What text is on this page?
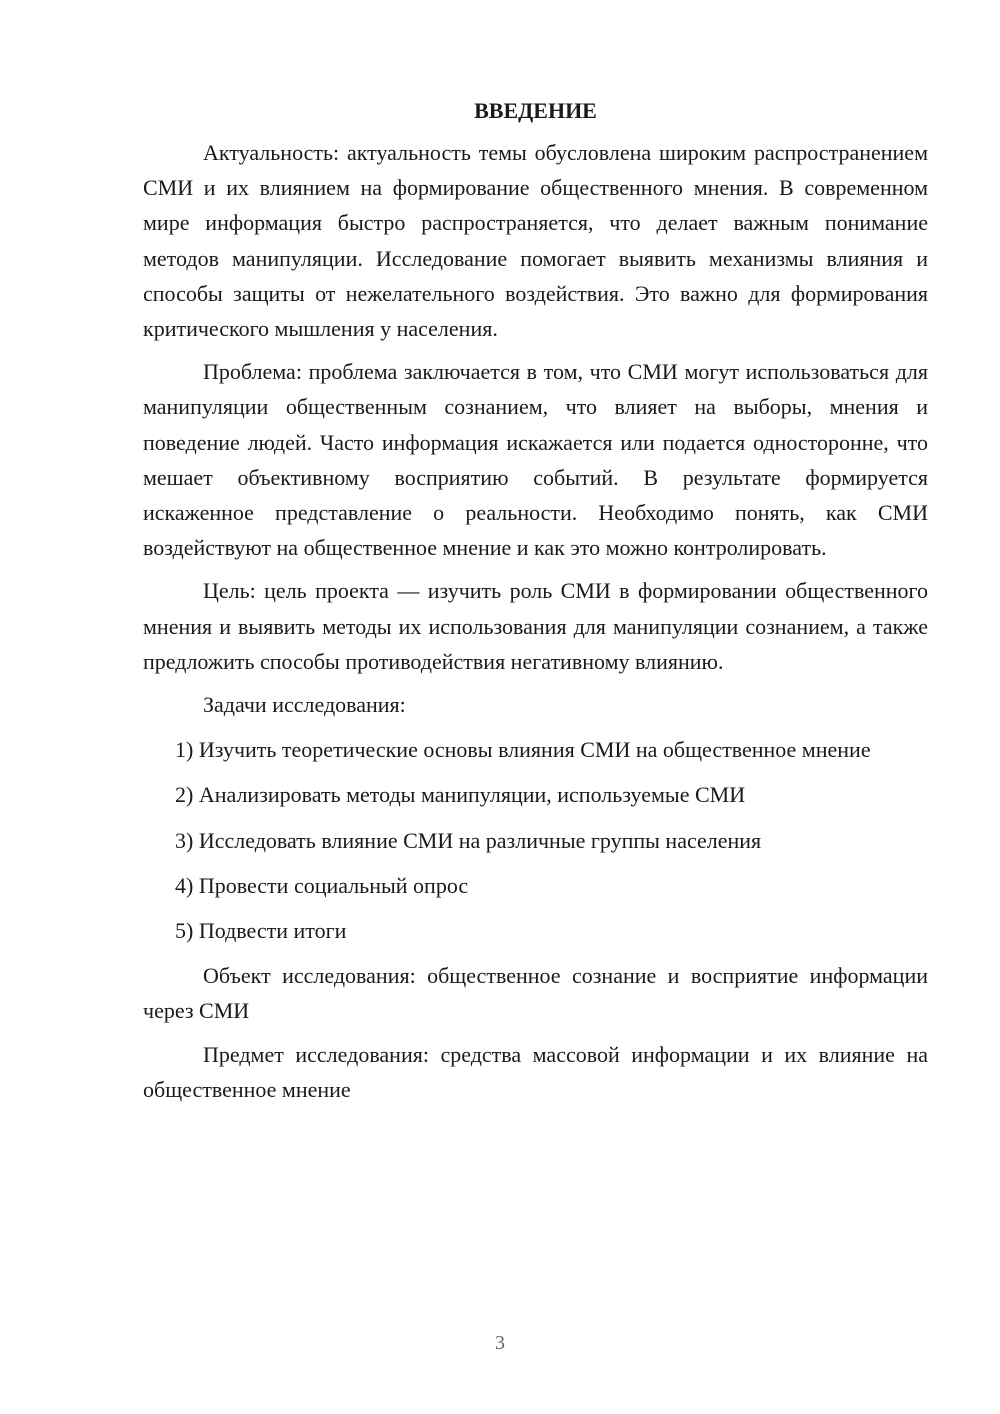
ВВЕДЕНИЕ

Актуальность: актуальность темы обусловлена широким распространением СМИ и их влиянием на формирование общественного мнения. В современном мире информация быстро распространяется, что делает важным понимание методов манипуляции. Исследование помогает выявить механизмы влияния и способы защиты от нежелательного воздействия. Это важно для формирования критического мышления у населения.

Проблема: проблема заключается в том, что СМИ могут использоваться для манипуляции общественным сознанием, что влияет на выборы, мнения и поведение людей. Часто информация искажается или подается односторонне, что мешает объективному восприятию событий. В результате формируется искаженное представление о реальности. Необходимо понять, как СМИ воздействуют на общественное мнение и как это можно контролировать.

Цель: цель проекта — изучить роль СМИ в формировании общественного мнения и выявить методы их использования для манипуляции сознанием, а также предложить способы противодействия негативному влиянию.

Задачи исследования:

1) Изучить теоретические основы влияния СМИ на общественное мнение

2) Анализировать методы манипуляции, используемые СМИ

3) Исследовать влияние СМИ на различные группы населения

4) Провести социальный опрос

5) Подвести итоги

Объект исследования: общественное сознание и восприятие информации через СМИ

Предмет исследования: средства массовой информации и их влияние на общественное мнение

3
